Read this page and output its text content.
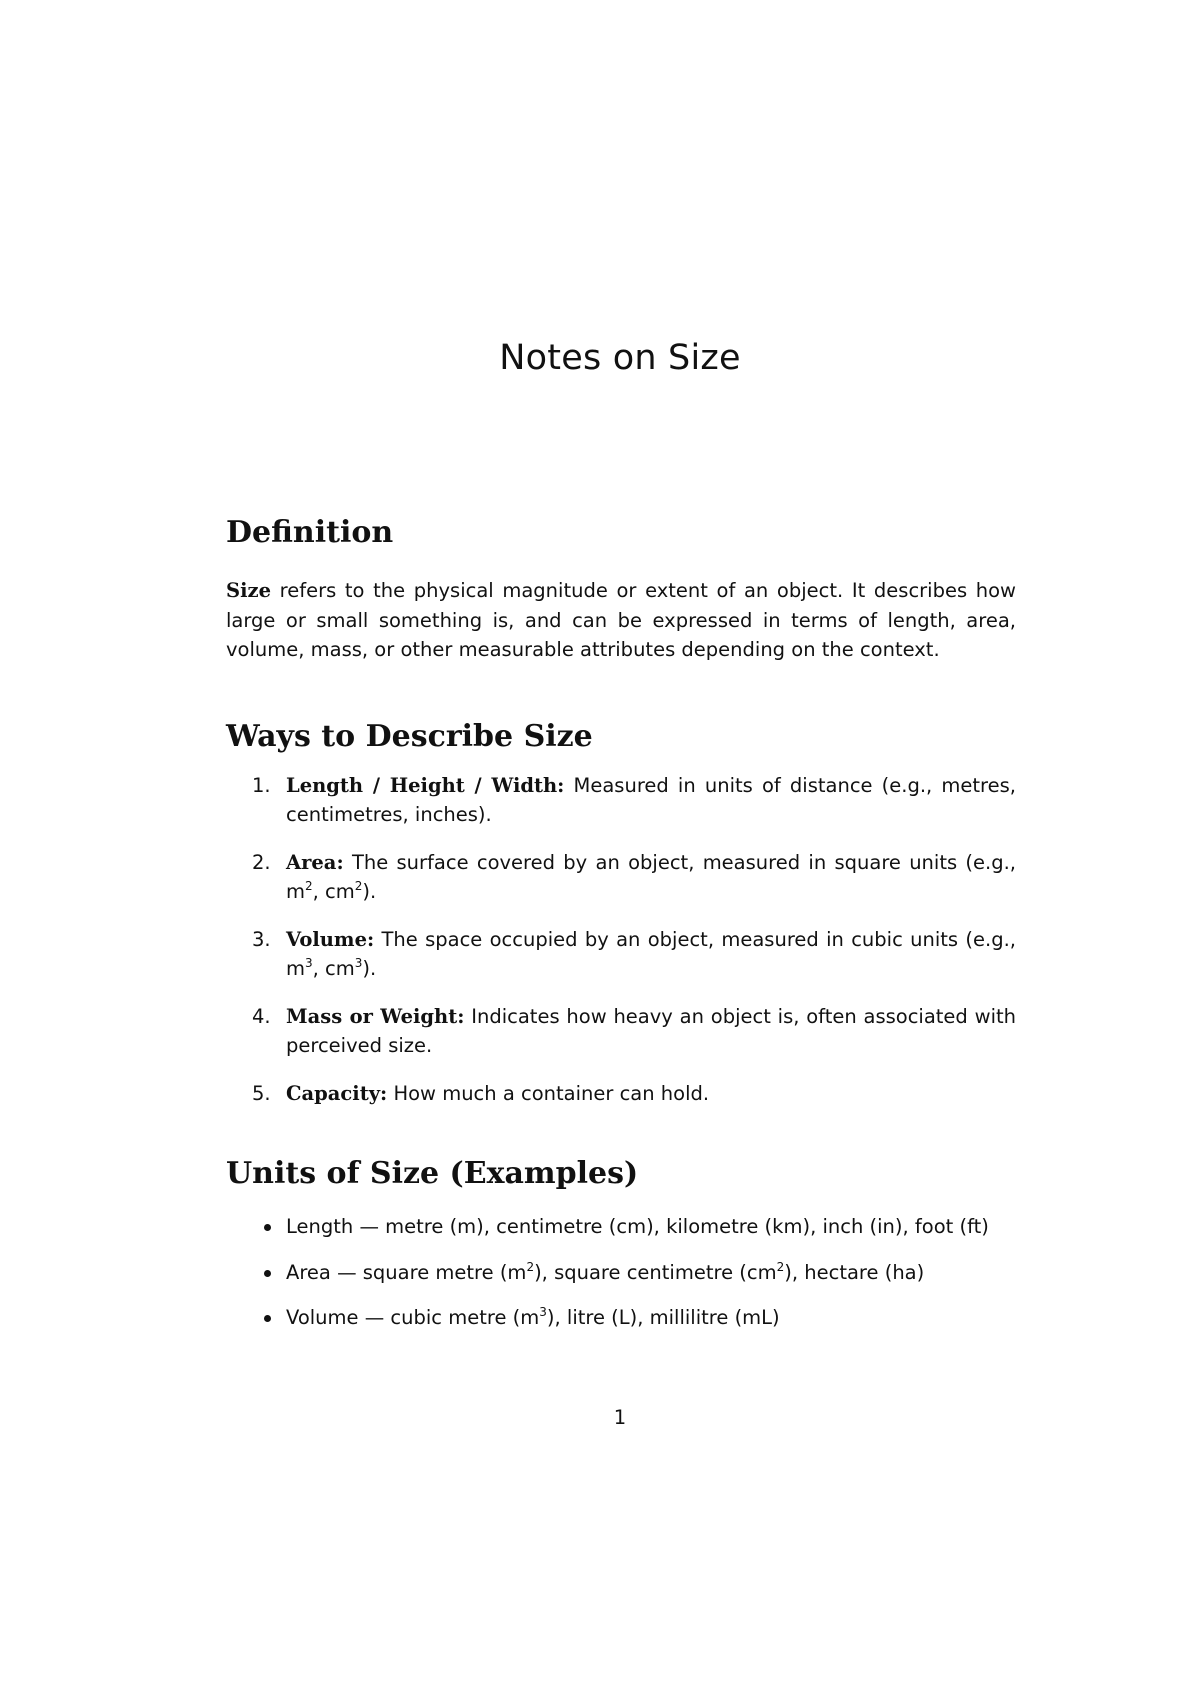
Notes on Size
Definition

Size refers to the physical magnitude or extent of an object. It describes how large or small something is, and can be expressed in terms of length, area, volume, mass, or other measurable attributes depending on the context.

Ways to Describe Size
1. Length / Height / Width: Measured in units of distance (e.g., metres, centimetres, inches).
2. Area: The surface covered by an object, measured in square units (e.g., $m^2$, $cm^2$).
3. Volume: The space occupied by an object, measured in cubic units (e.g., $m^3$, $cm^3$).
4. Mass or Weight: Indicates how heavy an object is, often associated with perceived size.
5. Capacity: How much a container can hold.
Units of Size (Examples)
Length — metre (m), centimetre (cm), kilometre (km), inch (in), foot (ft)
Area — square metre $(m^2)$, square centimetre $(cm^2)$, hectare (ha)
Volume — cubic metre $(m^3)$, litre (L), millilitre (mL)
1
